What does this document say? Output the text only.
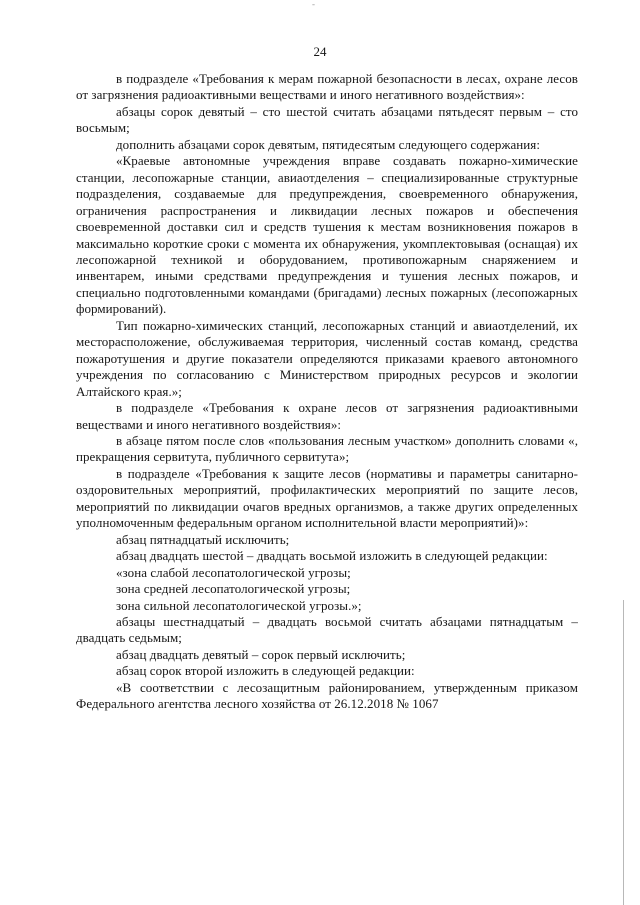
-
24

в подразделе «Требования к мерам пожарной безопасности в лесах, охране лесов от загрязнения радиоактивными веществами и иного негативного воздействия»:

абзацы сорок девятый – сто шестой считать абзацами пятьдесят первым – сто восьмым;

дополнить абзацами сорок девятым, пятидесятым следующего содержания:

«Краевые автономные учреждения вправе создавать пожарно-химические станции, лесопожарные станции, авиаотделения – специализированные структурные подразделения, создаваемые для предупреждения, своевременного обнаружения, ограничения распространения и ликвидации лесных пожаров и обеспечения своевременной доставки сил и средств тушения к местам возникновения пожаров в максимально короткие сроки с момента их обнаружения, укомплектовывая (оснащая) их лесопожарной техникой и оборудованием, противопожарным снаряжением и инвентарем, иными средствами предупреждения и тушения лесных пожаров, и специально подготовленными командами (бригадами) лесных пожарных (лесопожарных формирований).

Тип пожарно-химических станций, лесопожарных станций и авиаотделений, их месторасположение, обслуживаемая территория, численный состав команд, средства пожаротушения и другие показатели определяются приказами краевого автономного учреждения по согласованию с Министерством природных ресурсов и экологии Алтайского края.»;

в подразделе «Требования к охране лесов от загрязнения радиоактивными веществами и иного негативного воздействия»:

в абзаце пятом после слов «пользования лесным участком» дополнить словами «, прекращения сервитута, публичного сервитута»;

в подразделе «Требования к защите лесов (нормативы и параметры санитарно-оздоровительных мероприятий, профилактических мероприятий по защите лесов, мероприятий по ликвидации очагов вредных организмов, а также других определенных уполномоченным федеральным органом исполнительной власти мероприятий)»:

абзац пятнадцатый исключить;

абзац двадцать шестой – двадцать восьмой изложить в следующей редакции:

«зона слабой лесопатологической угрозы;

зона средней лесопатологической угрозы;

зона сильной лесопатологической угрозы.»;

абзацы шестнадцатый – двадцать восьмой считать абзацами пятнадцатым – двадцать седьмым;

абзац двадцать девятый – сорок первый исключить;

абзац сорок второй изложить в следующей редакции:

«В соответствии с лесозащитным районированием, утвержденным приказом Федерального агентства лесного хозяйства от 26.12.2018 № 1067
